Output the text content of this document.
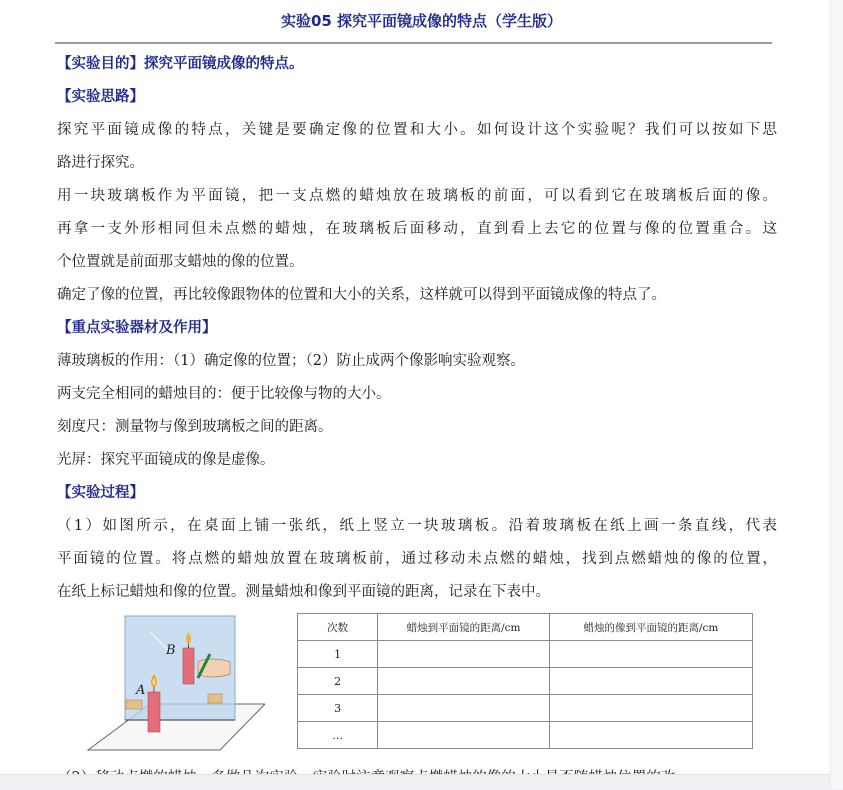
实验05 探究平面镜成像的特点（学生版）
【实验目的】探究平面镜成像的特点。
【实验思路】
探究平面镜成像的特点，关键是要确定像的位置和大小。如何设计这个实验呢？我们可以按如下思
路进行探究。
用一块玻璃板作为平面镜，把一支点燃的蜡烛放在玻璃板的前面，可以看到它在玻璃板后面的像。
再拿一支外形相同但未点燃的蜡烛，在玻璃板后面移动，直到看上去它的位置与像的位置重合。这
个位置就是前面那支蜡烛的像的位置。
确定了像的位置，再比较像跟物体的位置和大小的关系，这样就可以得到平面镜成像的特点了。
【重点实验器材及作用】
薄玻璃板的作用：（1）确定像的位置；（2）防止成两个像影响实验观察。
两支完全相同的蜡烛目的：便于比较像与物的大小。
刻度尺：测量物与像到玻璃板之间的距离。
光屏：探究平面镜成的像是虚像。
【实验过程】
（1）如图所示，在桌面上铺一张纸，纸上竖立一块玻璃板。沿着玻璃板在纸上画一条直线，代表
平面镜的位置。将点燃的蜡烛放置在玻璃板前，通过移动未点燃的蜡烛，找到点燃蜡烛的像的位置，
在纸上标记蜡烛和像的位置。测量蜡烛和像到平面镜的距离，记录在下表中。
A
B
次数	蜡烛到平面镜的距离/cm	蜡烛的像到平面镜的距离/cm
1		
2		
3		
…		
